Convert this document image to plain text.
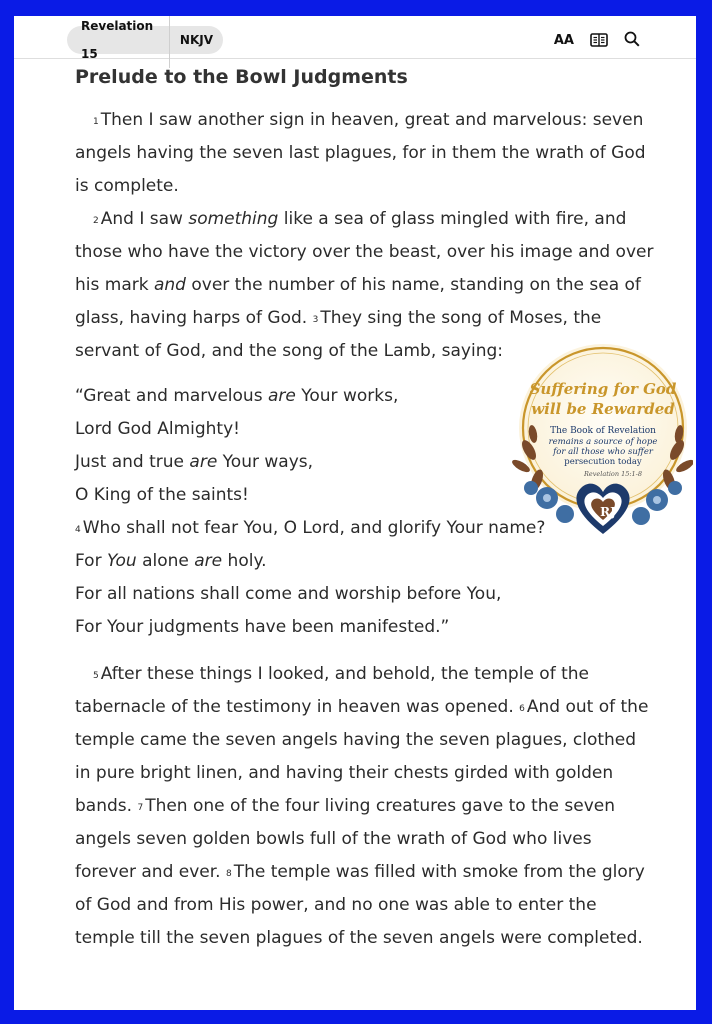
Revelation 15
NKJV	AA
Prelude to the Bowl Judgments

$^1$ Then I saw another sign in heaven, great and marvelous: seven angels having the seven last plagues, for in them the wrath of God is complete.

$^2$ And I saw something like a sea of glass mingled with fire, and those who have the victory over the beast, over his image and over his mark and over the number of his name, standing on the sea of glass, having harps of God. $^3$ They sing the song of Moses, the servant of God, and the song of the Lamb, saying:

“Great and marvelous are Your works,
Lord God Almighty!
Just and true are Your ways,
O King of the saints!
$^4$ Who shall not fear You, O Lord, and glorify Your name?
For You alone are holy.
For all nations shall come and worship before You,
For Your judgments have been manifested.”

$^5$ After these things I looked, and behold, the temple of the tabernacle of the testimony in heaven was opened. $^6$ And out of the temple came the seven angels having the seven plagues, clothed in pure bright linen, and having their chests girded with golden bands. $^7$ Then one of the four living creatures gave to the seven angels seven golden bowls full of the wrath of God who lives forever and ever. $^8$ The temple was filled with smoke from the glory of God and from His power, and no one was able to enter the temple till the seven plagues of the seven angels were completed.

RJ
Suffering for God
will be Rewarded
The Book of Revelation
remains a source of hope
for all those who suffer
persecution today
Revelation 15:1-8
